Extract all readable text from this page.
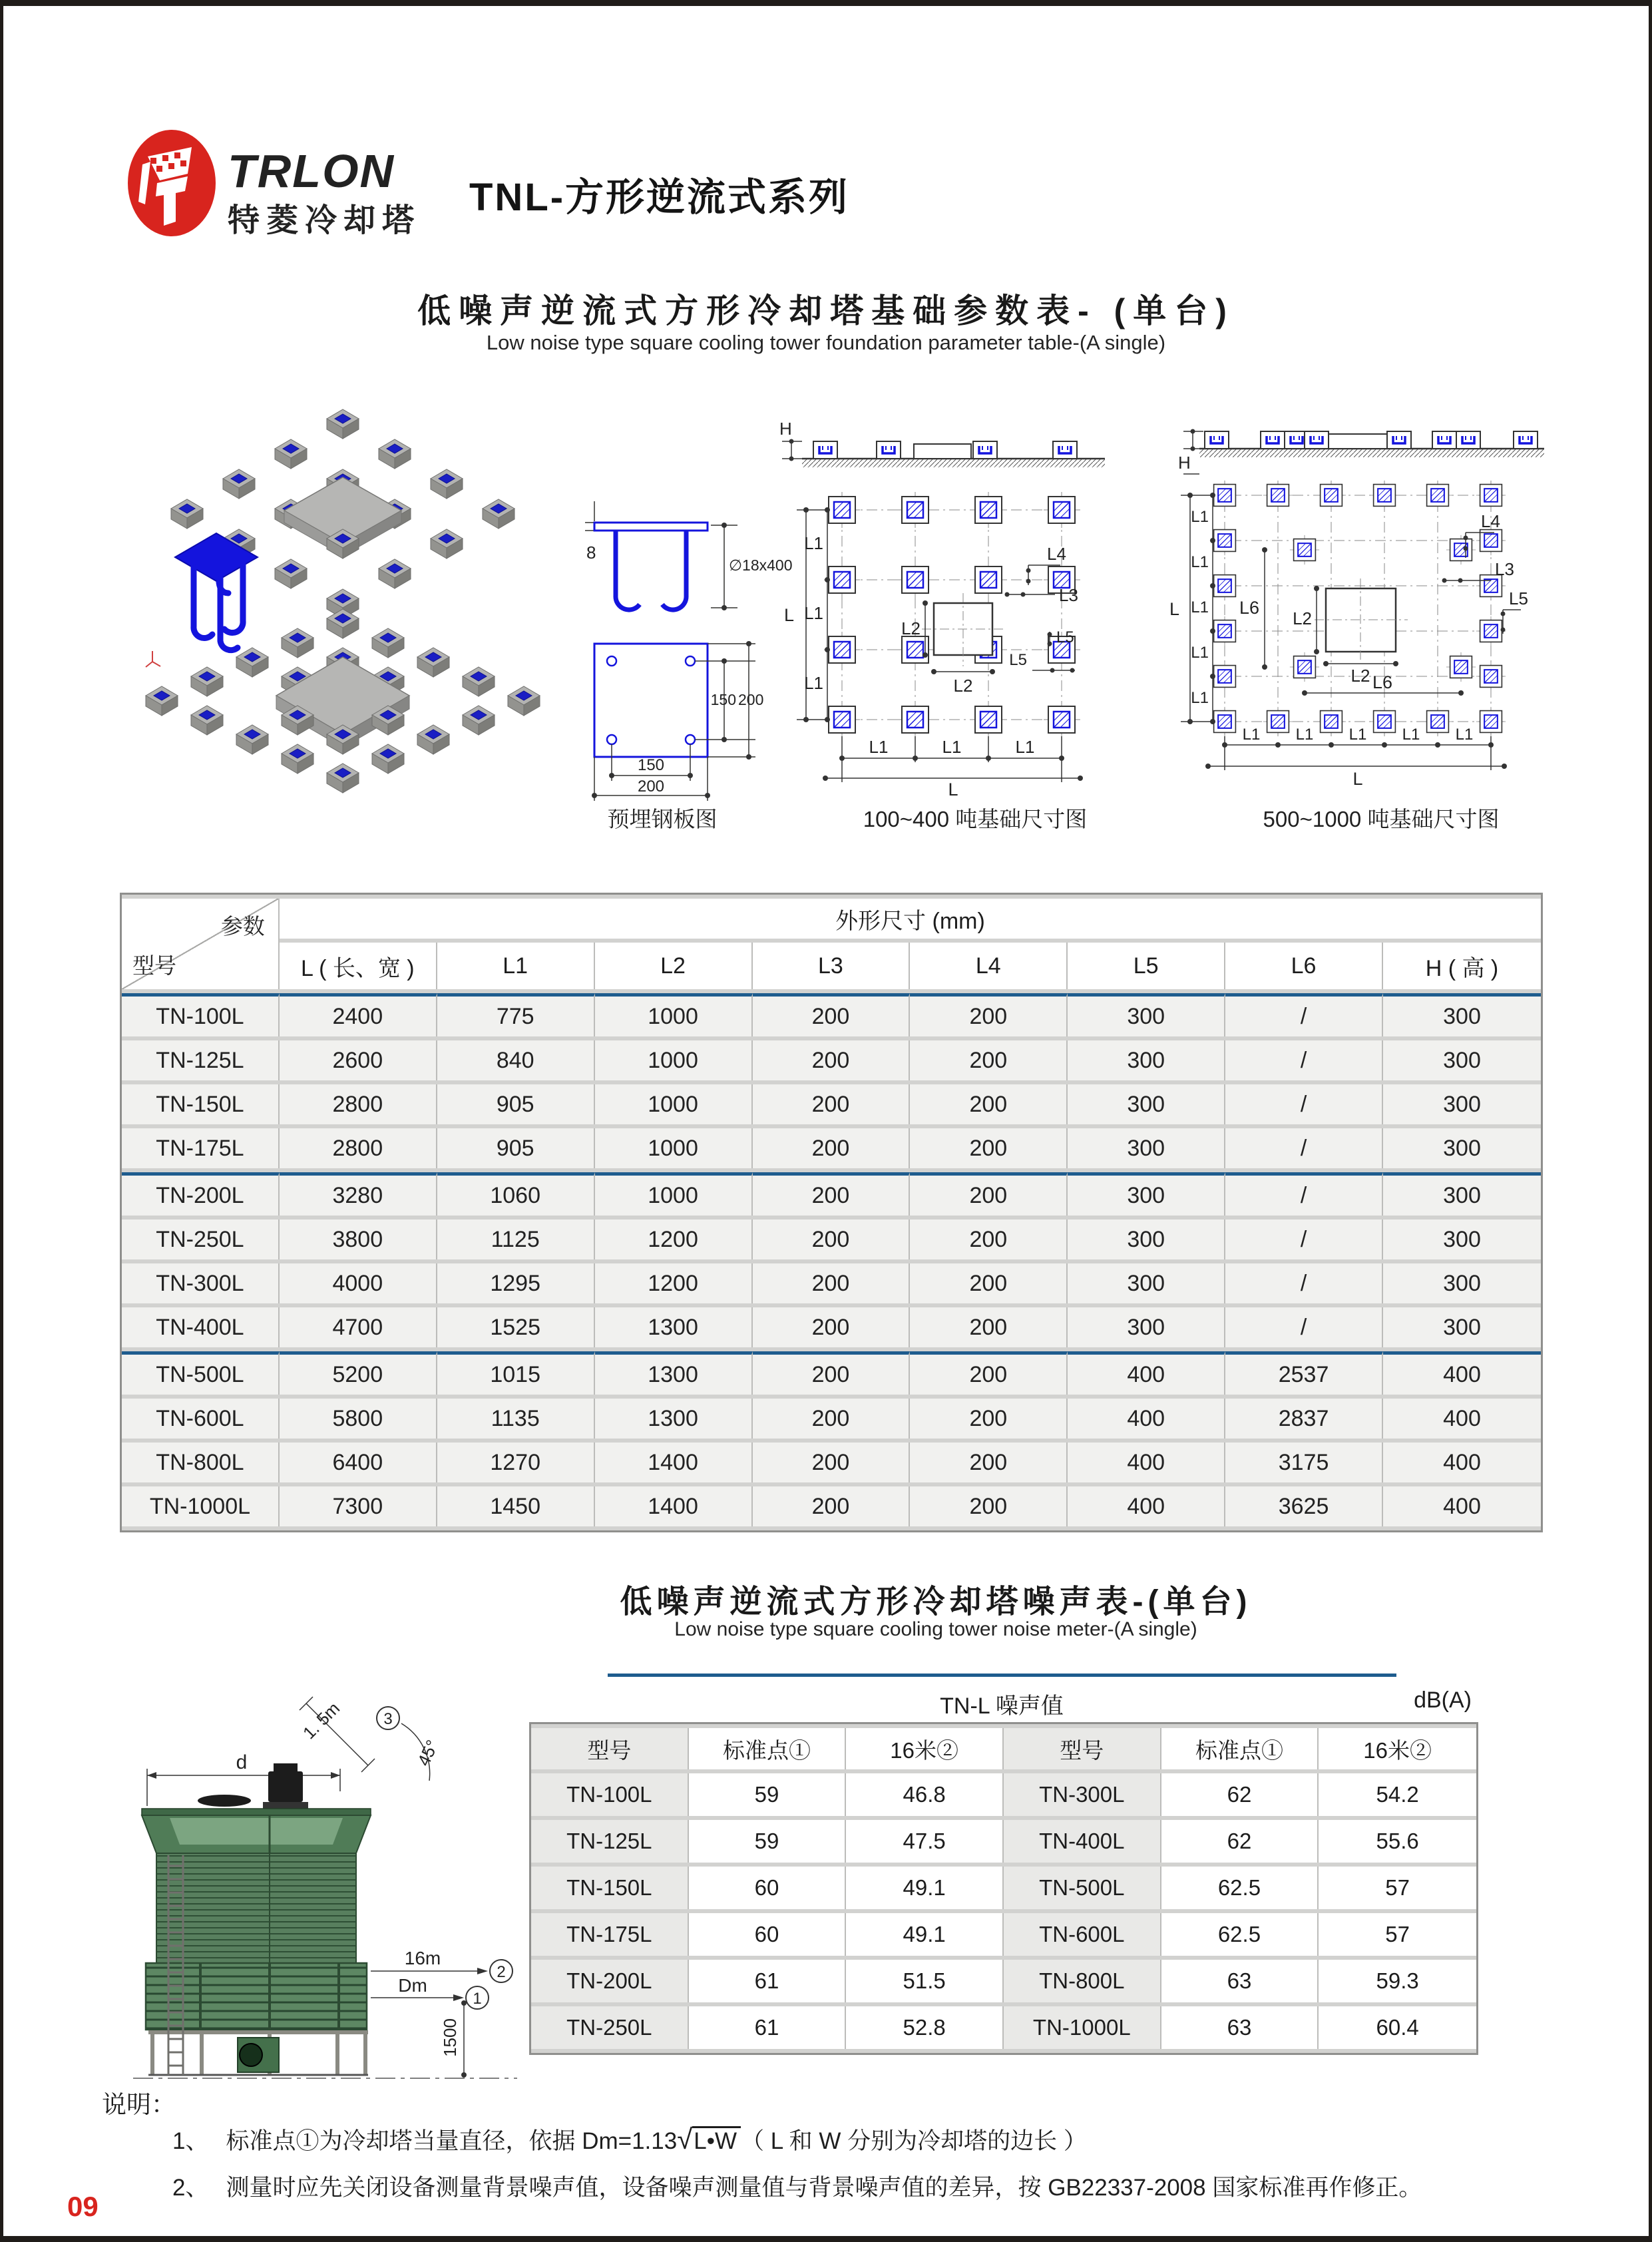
TRLON
特菱冷却塔
TNL-方形逆流式系列
低噪声逆流式方形冷却塔基础参数表- (单台)
Low noise type square cooling tower foundation parameter table-(A single)
8
∅18x400
150 200
150
200
H
L
L1
L1
L1
L1	L1	L1
L
L2
L2
L4
L3
L5
L5
H
L
L1
L1
L1
L1
L1
L1 L1 L1 L1 L1
L
L6
L6
L2
L2
L4
L3
L5
预埋钢板图	100~400 吨基础尺寸图	500~1000 吨基础尺寸图
参数
型号	外形尺寸 (mm)							
	L ( 长、宽 )	L1	L2	L3	L4	L5	L6	H ( 高 )
TN-100L	2400	775	1000	200	200	300	/	300
TN-125L	2600	840	1000	200	200	300	/	300
TN-150L	2800	905	1000	200	200	300	/	300
TN-175L	2800	905	1000	200	200	300	/	300
TN-200L	3280	1060	1000	200	200	300	/	300
TN-250L	3800	1125	1200	200	200	300	/	300
TN-300L	4000	1295	1200	200	200	300	/	300
TN-400L	4700	1525	1300	200	200	300	/	300
TN-500L	5200	1015	1300	200	200	400	2537	400
TN-600L	5800	1135	1300	200	200	400	2837	400
TN-800L	6400	1270	1400	200	200	400	3175	400
TN-1000L	7300	1450	1400	200	200	400	3625	400
低噪声逆流式方形冷却塔噪声表-(单台)
Low noise type square cooling tower noise meter-(A single)
d
1. 5m
45°
3
16m
2
Dm
1
1500
TN-L 噪声值	dB(A)
型号	标准点①	16米②	型号	标准点①	16米②
TN-100L	59	46.8	TN-300L	62	54.2
TN-125L	59	47.5	TN-400L	62	55.6
TN-150L	60	49.1	TN-500L	62.5	57
TN-175L	60	49.1	TN-600L	62.5	57
TN-200L	61	51.5	TN-800L	63	59.3
TN-250L	61	52.8	TN-1000L	63	60.4
说明：
1、 标准点①为冷却塔当量直径，依据 Dm=1.13√L•W （ L 和 W 分别为冷却塔的边长 ）
2、 测量时应先关闭设备测量背景噪声值，设备噪声测量值与背景噪声值的差异，按 GB22337-2008 国家标准再作修正。
09
